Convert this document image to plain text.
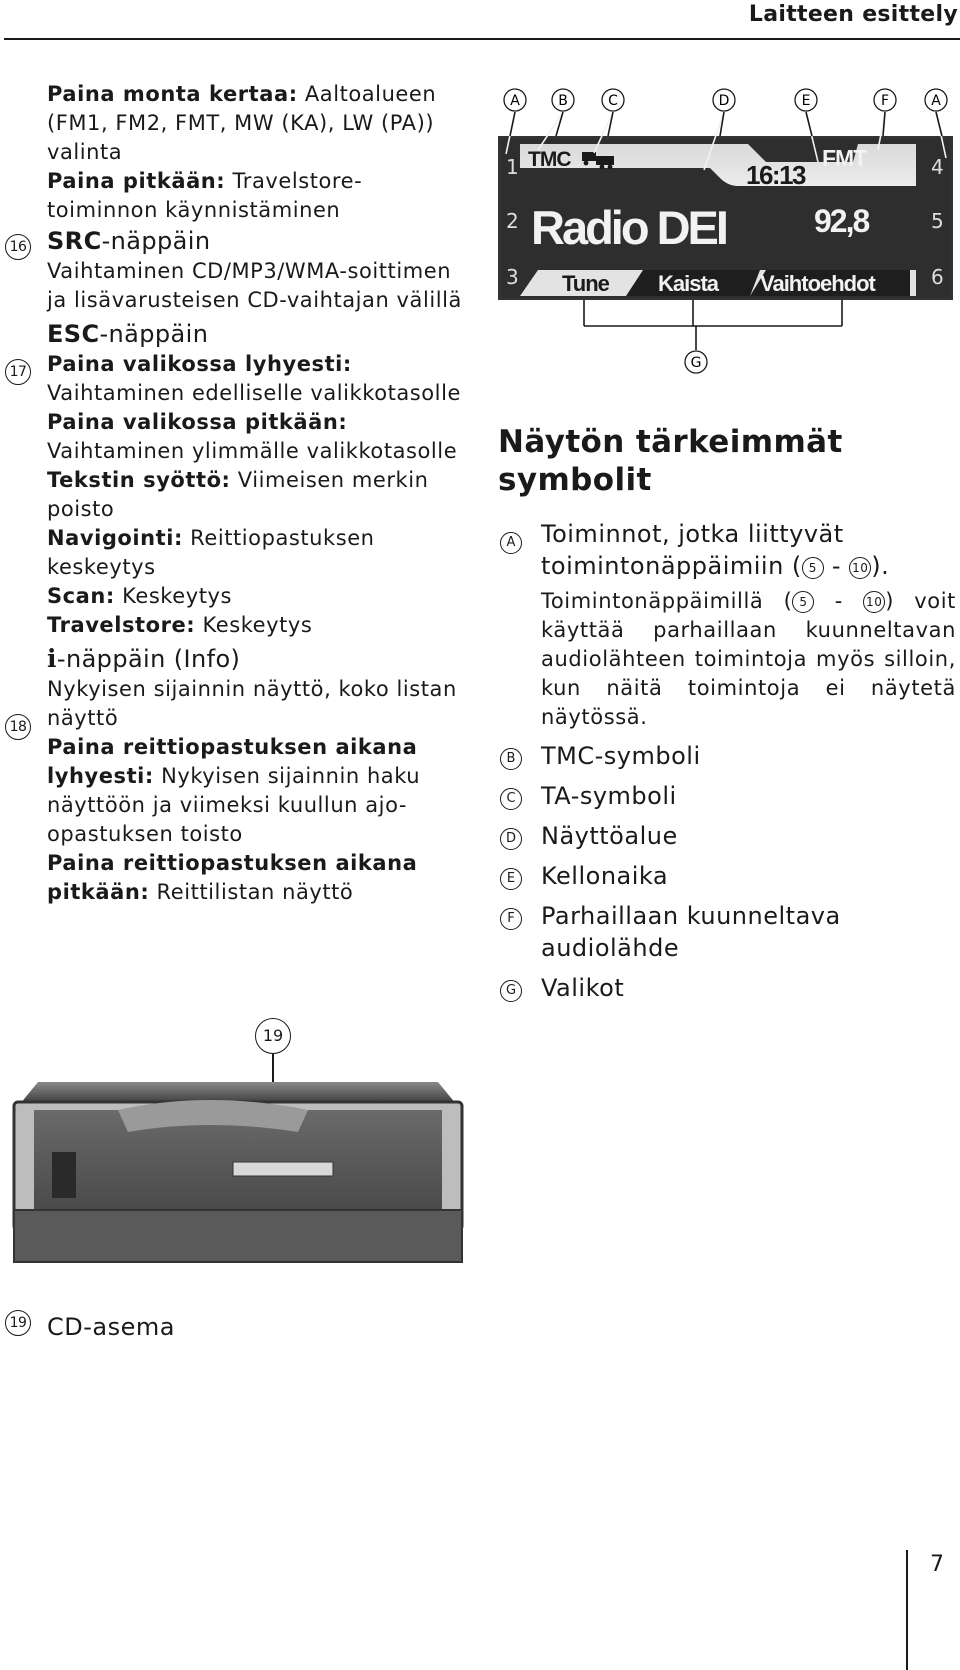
Laitteen esittely

Paina monta kertaa: Aaltoalueen (FM1, FM2, FMT, MW (KA), LW (PA)) valinta

Paina pitkään: Travelstore-toiminnon käynnistäminen

SRC-näppäin

Vaihtaminen CD/MP3/WMA-soittimen ja lisävarusteisen CD-vaihtajan välillä

ESC-näppäin

Paina valikossa lyhyesti: Vaihtaminen edelliselle valikkotasolle

Paina valikossa pitkään: Vaihtaminen ylimmälle valikkotasolle

Tekstin syöttö: Viimeisen merkin poisto

Navigointi: Reittiopastuksen keskeytys

Scan: Keskeytys

Travelstore: Keskeytys

i-näppäin (Info)

Nykyisen sijainnin näyttö, koko listan näyttö

Paina reittiopastuksen aikana lyhyesti: Nykyisen sijainnin haku näyttöön ja viimeksi kuullun ajo-opastuksen toisto

Paina reittiopastuksen aikana pitkään: Reittilistan näyttö

16
17
18
A	B	C	D	E	F	A
1
2
3
4
5
6
TMC
16:13
FMT
Radio DEI	92,8
Tune Kaista Vaihtoehdot
G
Näytön tärkeimmät symbolit
A Toiminnot, jotka liittyvät toimintonäppäimiin ( 5 - 10 ).
Toimintonäppäimillä ( 5 - 10 ) voit käyttää parhaillaan kuunneltavan audiolähteen toimintoja myös silloin, kun näitä toimintoja ei näytetä näytössä.
B TMC-symboli
C TA-symboli
D Näyttöalue
E Kellonaika
F	Parhaillaan kuunneltava audiolähde
G Valikot
19
19 CD-asema
7
